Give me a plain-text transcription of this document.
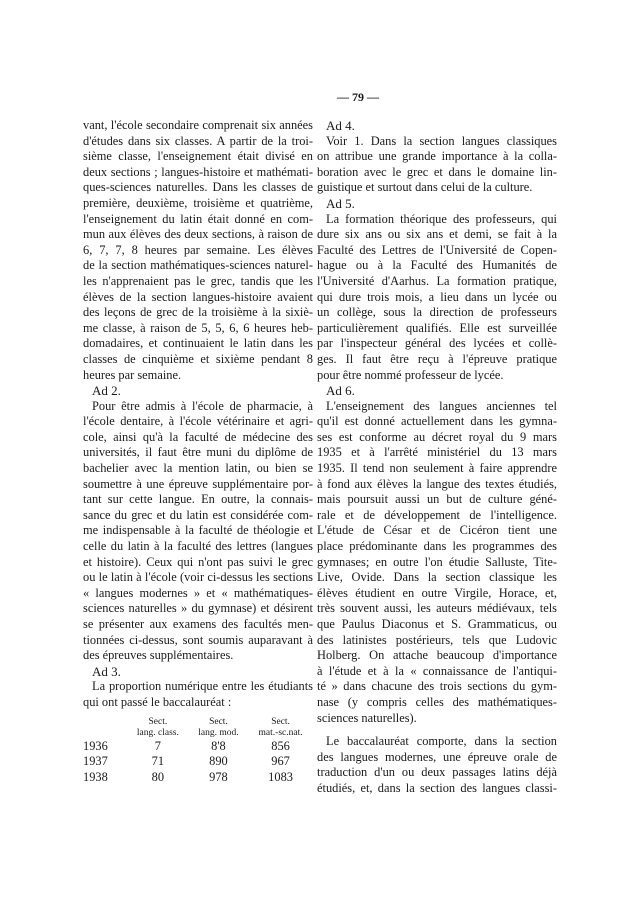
— 79 —
vant, l'école secondaire comprenait six années
d'études dans six classes. A partir de la troi-
sième classe, l'enseignement était divisé en
deux sections ; langues-histoire et mathémati-
ques-sciences naturelles. Dans les classes de
première, deuxième, troisième et quatrième,
l'enseignement du latin était donné en com-
mun aux élèves des deux sections, à raison de
6, 7, 7, 8 heures par semaine. Les élèves
de la section mathématiques-sciences naturel-
les n'apprenaient pas le grec, tandis que les
élèves de la section langues-histoire avaient
des leçons de grec de la troisième à la sixiè-
me classe, à raison de 5, 5, 6, 6 heures heb-
domadaires, et continuaient le latin dans les
classes de cinquième et sixième pendant 8
heures par semaine.
Ad 2.
Pour être admis à l'école de pharmacie, à
l'école dentaire, à l'école vétérinaire et agri-
cole, ainsi qu'à la faculté de médecine des
universités, il faut être muni du diplôme de
bachelier avec la mention latin, ou bien se
soumettre à une épreuve supplémentaire por-
tant sur cette langue. En outre, la connais-
sance du grec et du latin est considérée com-
me indispensable à la faculté de théologie et
celle du latin à la faculté des lettres (langues
et histoire). Ceux qui n'ont pas suivi le grec
ou le latin à l'école (voir ci-dessus les sections
« langues modernes » et « mathématiques-
sciences naturelles » du gymnase) et désirent
se présenter aux examens des facultés men-
tionnées ci-dessus, sont soumis auparavant à
des épreuves supplémentaires.
Ad 3.
La proportion numérique entre les étudiants
qui ont passé le baccalauréat :
	Sect.	Sect.	Sect.
	lang. class.	lang. mod.	mat.-sc.nat.
1936	7	8'8	856
1937	71	890	967
1938	80	978	1083
Ad 4.
Voir 1. Dans la section langues classiques
on attribue une grande importance à la colla-
boration avec le grec et dans le domaine lin-
guistique et surtout dans celui de la culture.
Ad 5.
La formation théorique des professeurs, qui
dure six ans ou six ans et demi, se fait à la
Faculté des Lettres de l'Université de Copen-
hague ou à la Faculté des Humanités de
l'Université d'Aarhus. La formation pratique,
qui dure trois mois, a lieu dans un lycée ou
un collège, sous la direction de professeurs
particulièrement qualifiés. Elle est surveillée
par l'inspecteur général des lycées et collè-
ges. Il faut être reçu à l'épreuve pratique
pour être nommé professeur de lycée.
Ad 6.
L'enseignement des langues anciennes tel
qu'il est donné actuellement dans les gymna-
ses est conforme au décret royal du 9 mars
1935 et à l'arrêté ministériel du 13 mars
1935. Il tend non seulement à faire apprendre
à fond aux élèves la langue des textes étudiés,
mais poursuit aussi un but de culture géné-
rale et de développement de l'intelligence.
L'étude de César et de Cicéron tient une
place prédominante dans les programmes des
gymnases; en outre l'on étudie Salluste, Tite-
Live, Ovide. Dans la section classique les
élèves étudient en outre Virgile, Horace, et,
très souvent aussi, les auteurs médiévaux, tels
que Paulus Diaconus et S. Grammaticus, ou
des latinistes postérieurs, tels que Ludovic
Holberg. On attache beaucoup d'importance
à l'étude et à la « connaissance de l'antiqui-
té » dans chacune des trois sections du gym-
nase (y compris celles des mathématiques-
sciences naturelles).
Le baccalauréat comporte, dans la section
des langues modernes, une épreuve orale de
traduction d'un ou deux passages latins déjà
étudiés, et, dans la section des langues classi-
